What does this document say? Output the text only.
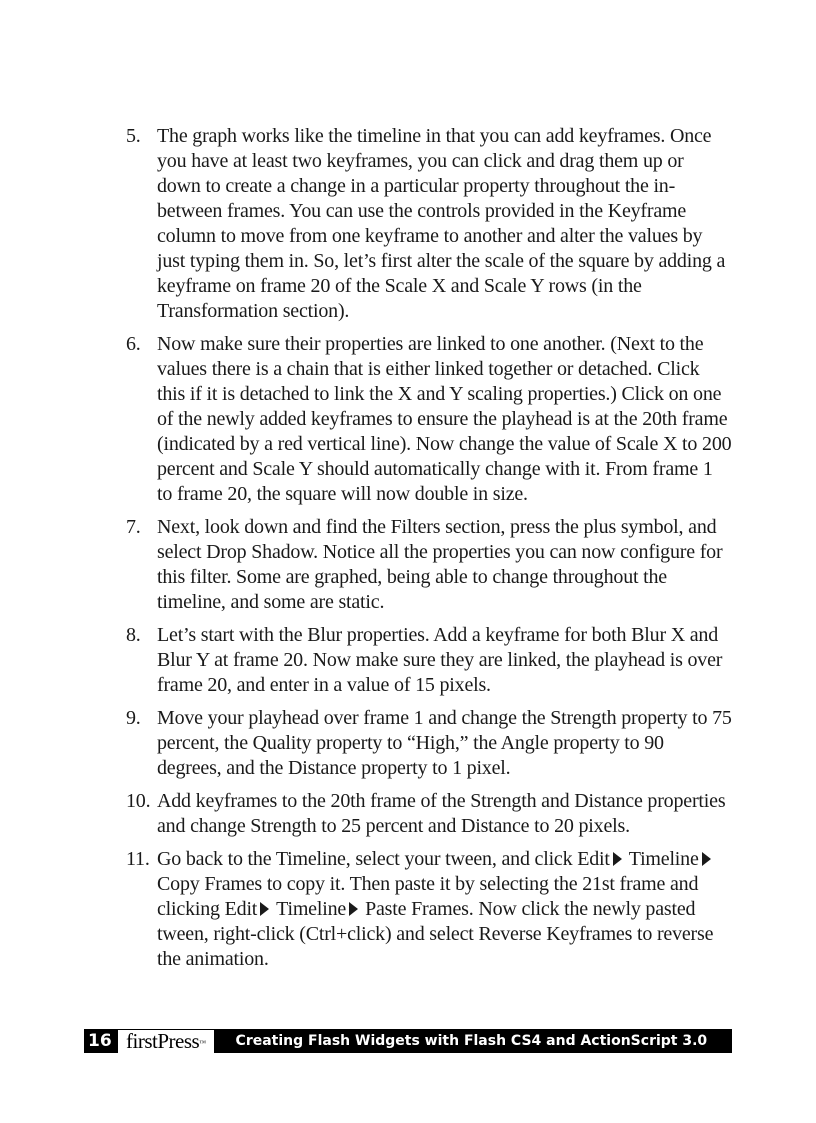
5. The graph works like the timeline in that you can add keyframes. Once you have at least two keyframes, you can click and drag them up or down to create a change in a particular property throughout the in-between frames. You can use the controls provided in the Keyframe column to move from one keyframe to another and alter the values by just typing them in. So, let’s first alter the scale of the square by adding a keyframe on frame 20 of the Scale X and Scale Y rows (in the Transformation section).
6. Now make sure their properties are linked to one another. (Next to the values there is a chain that is either linked together or detached. Click this if it is detached to link the X and Y scaling properties.) Click on one of the newly added keyframes to ensure the playhead is at the 20th frame (indicated by a red vertical line). Now change the value of Scale X to 200 percent and Scale Y should automatically change with it. From frame 1 to frame 20, the square will now double in size.
7. Next, look down and find the Filters section, press the plus symbol, and select Drop Shadow. Notice all the properties you can now configure for this filter. Some are graphed, being able to change throughout the timeline, and some are static.
8. Let’s start with the Blur properties. Add a keyframe for both Blur X and Blur Y at frame 20. Now make sure they are linked, the playhead is over frame 20, and enter in a value of 15 pixels.
9. Move your playhead over frame 1 and change the Strength property to 75 percent, the Quality property to “High,” the Angle property to 90 degrees, and the Distance property to 1 pixel.
10. Add keyframes to the 20th frame of the Strength and Distance properties and change Strength to 25 percent and Distance to 20 pixels.
11. Go back to the Timeline, select your tween, and click Edit TimelineCopy Frames to copy it. Then paste it by selecting the 21st frame and clicking Edit Timeline Paste Frames. Now click the newly pasted tween, right-click (Ctrl+click) and select Reverse Keyframes to reverse the animation.
16 firstPress™	Creating Flash Widgets with Flash CS4 and ActionScript 3.0
